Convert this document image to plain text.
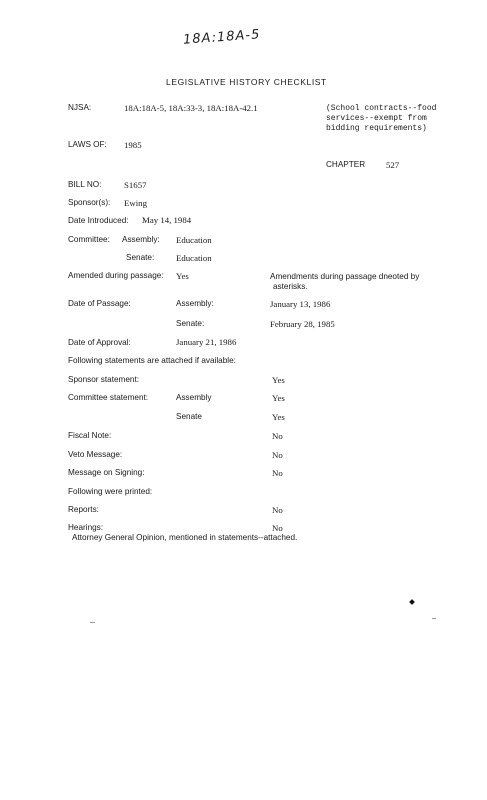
18A:18A-5
LEGISLATIVE HISTORY CHECKLIST
NJSA:	18A:18A-5, 18A:33-3, 18A:18A-42.1	(School contracts--food
services--exempt from
bidding requirements)
LAWS OF: 1985
CHAPTER 527
BILL NO:	S1657
Sponsor(s): Ewing
Date Introduced: May 14, 1984
Committee: Assembly: Education
Senate: Education
Amended during passage: Yes	Amendments during passage dneoted by
asterisks.
Date of Passage:	Assembly:	January 13, 1986
Senate:	February 28, 1985
Date of Approval:	January 21, 1986
Following statements are attached if available:
Sponsor statement:	Yes
Committee statement:	Assembly	Yes
Senate	Yes
Fiscal Note:	No
Veto Message:	No
Message on Signing:	No
Following were printed:
Reports:	No
Hearings:	No
Attorney General Opinion, mentioned in statements--attached.
